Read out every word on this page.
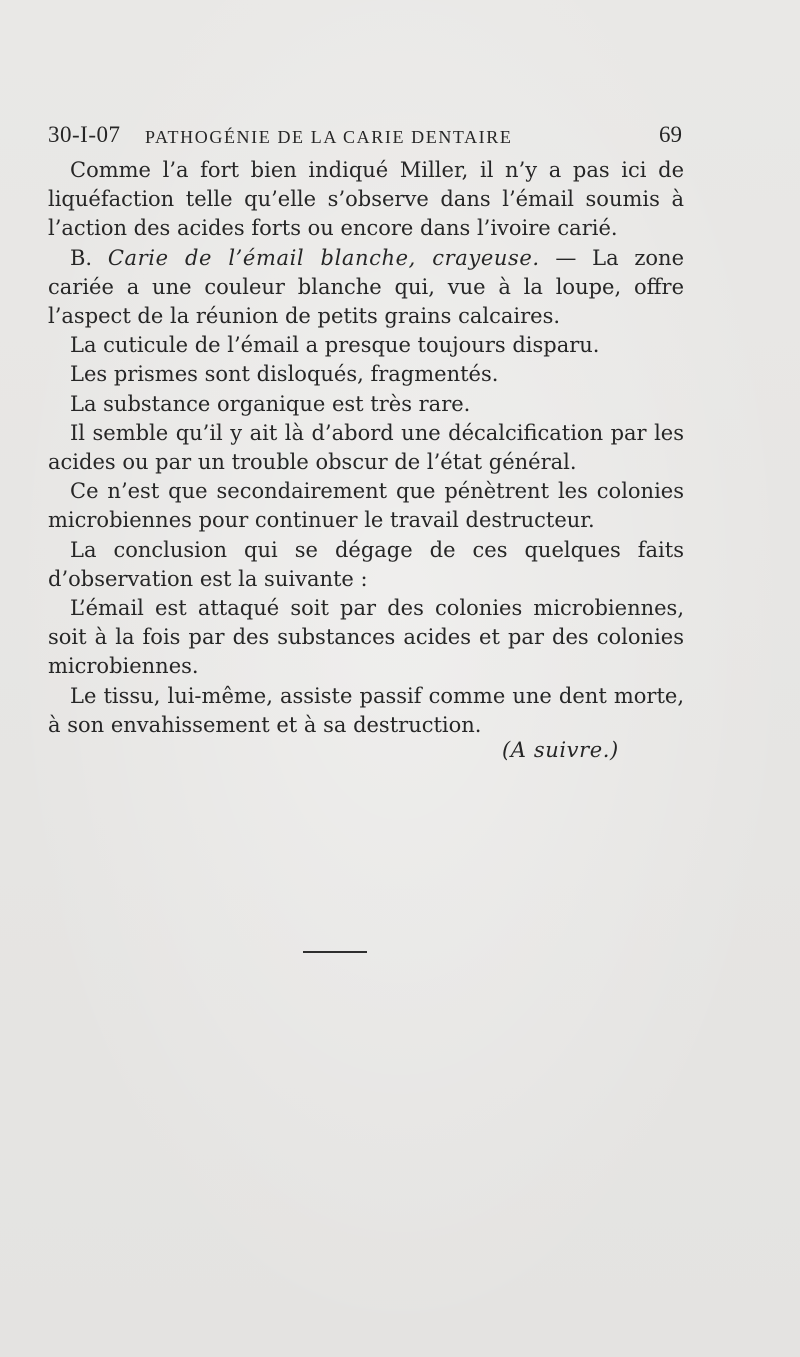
30-I-07 PATHOGÉNIE DE LA CARIE DENTAIRE	69

Comme l’a fort bien indiqué Miller, il n’y a pas ici de liquéfaction telle qu’elle s’observe dans l’émail soumis à l’action des acides forts ou encore dans l’ivoire carié.

B. Carie de l’émail blanche, crayeuse. — La zone cariée a une couleur blanche qui, vue à la loupe, offre l’aspect de la réunion de petits grains calcaires.

La cuticule de l’émail a presque toujours disparu.

Les prismes sont disloqués, fragmentés.

La substance organique est très rare.

Il semble qu’il y ait là d’abord une décalcification par les acides ou par un trouble obscur de l’état général.

Ce n’est que secondairement que pénètrent les colonies microbiennes pour continuer le travail destructeur.

La conclusion qui se dégage de ces quelques faits d’observation est la suivante :

L’émail est attaqué soit par des colonies microbiennes, soit à la fois par des substances acides et par des colonies microbiennes.

Le tissu, lui-même, assiste passif comme une dent morte, à son envahissement et à sa destruction.

(A suivre.)
